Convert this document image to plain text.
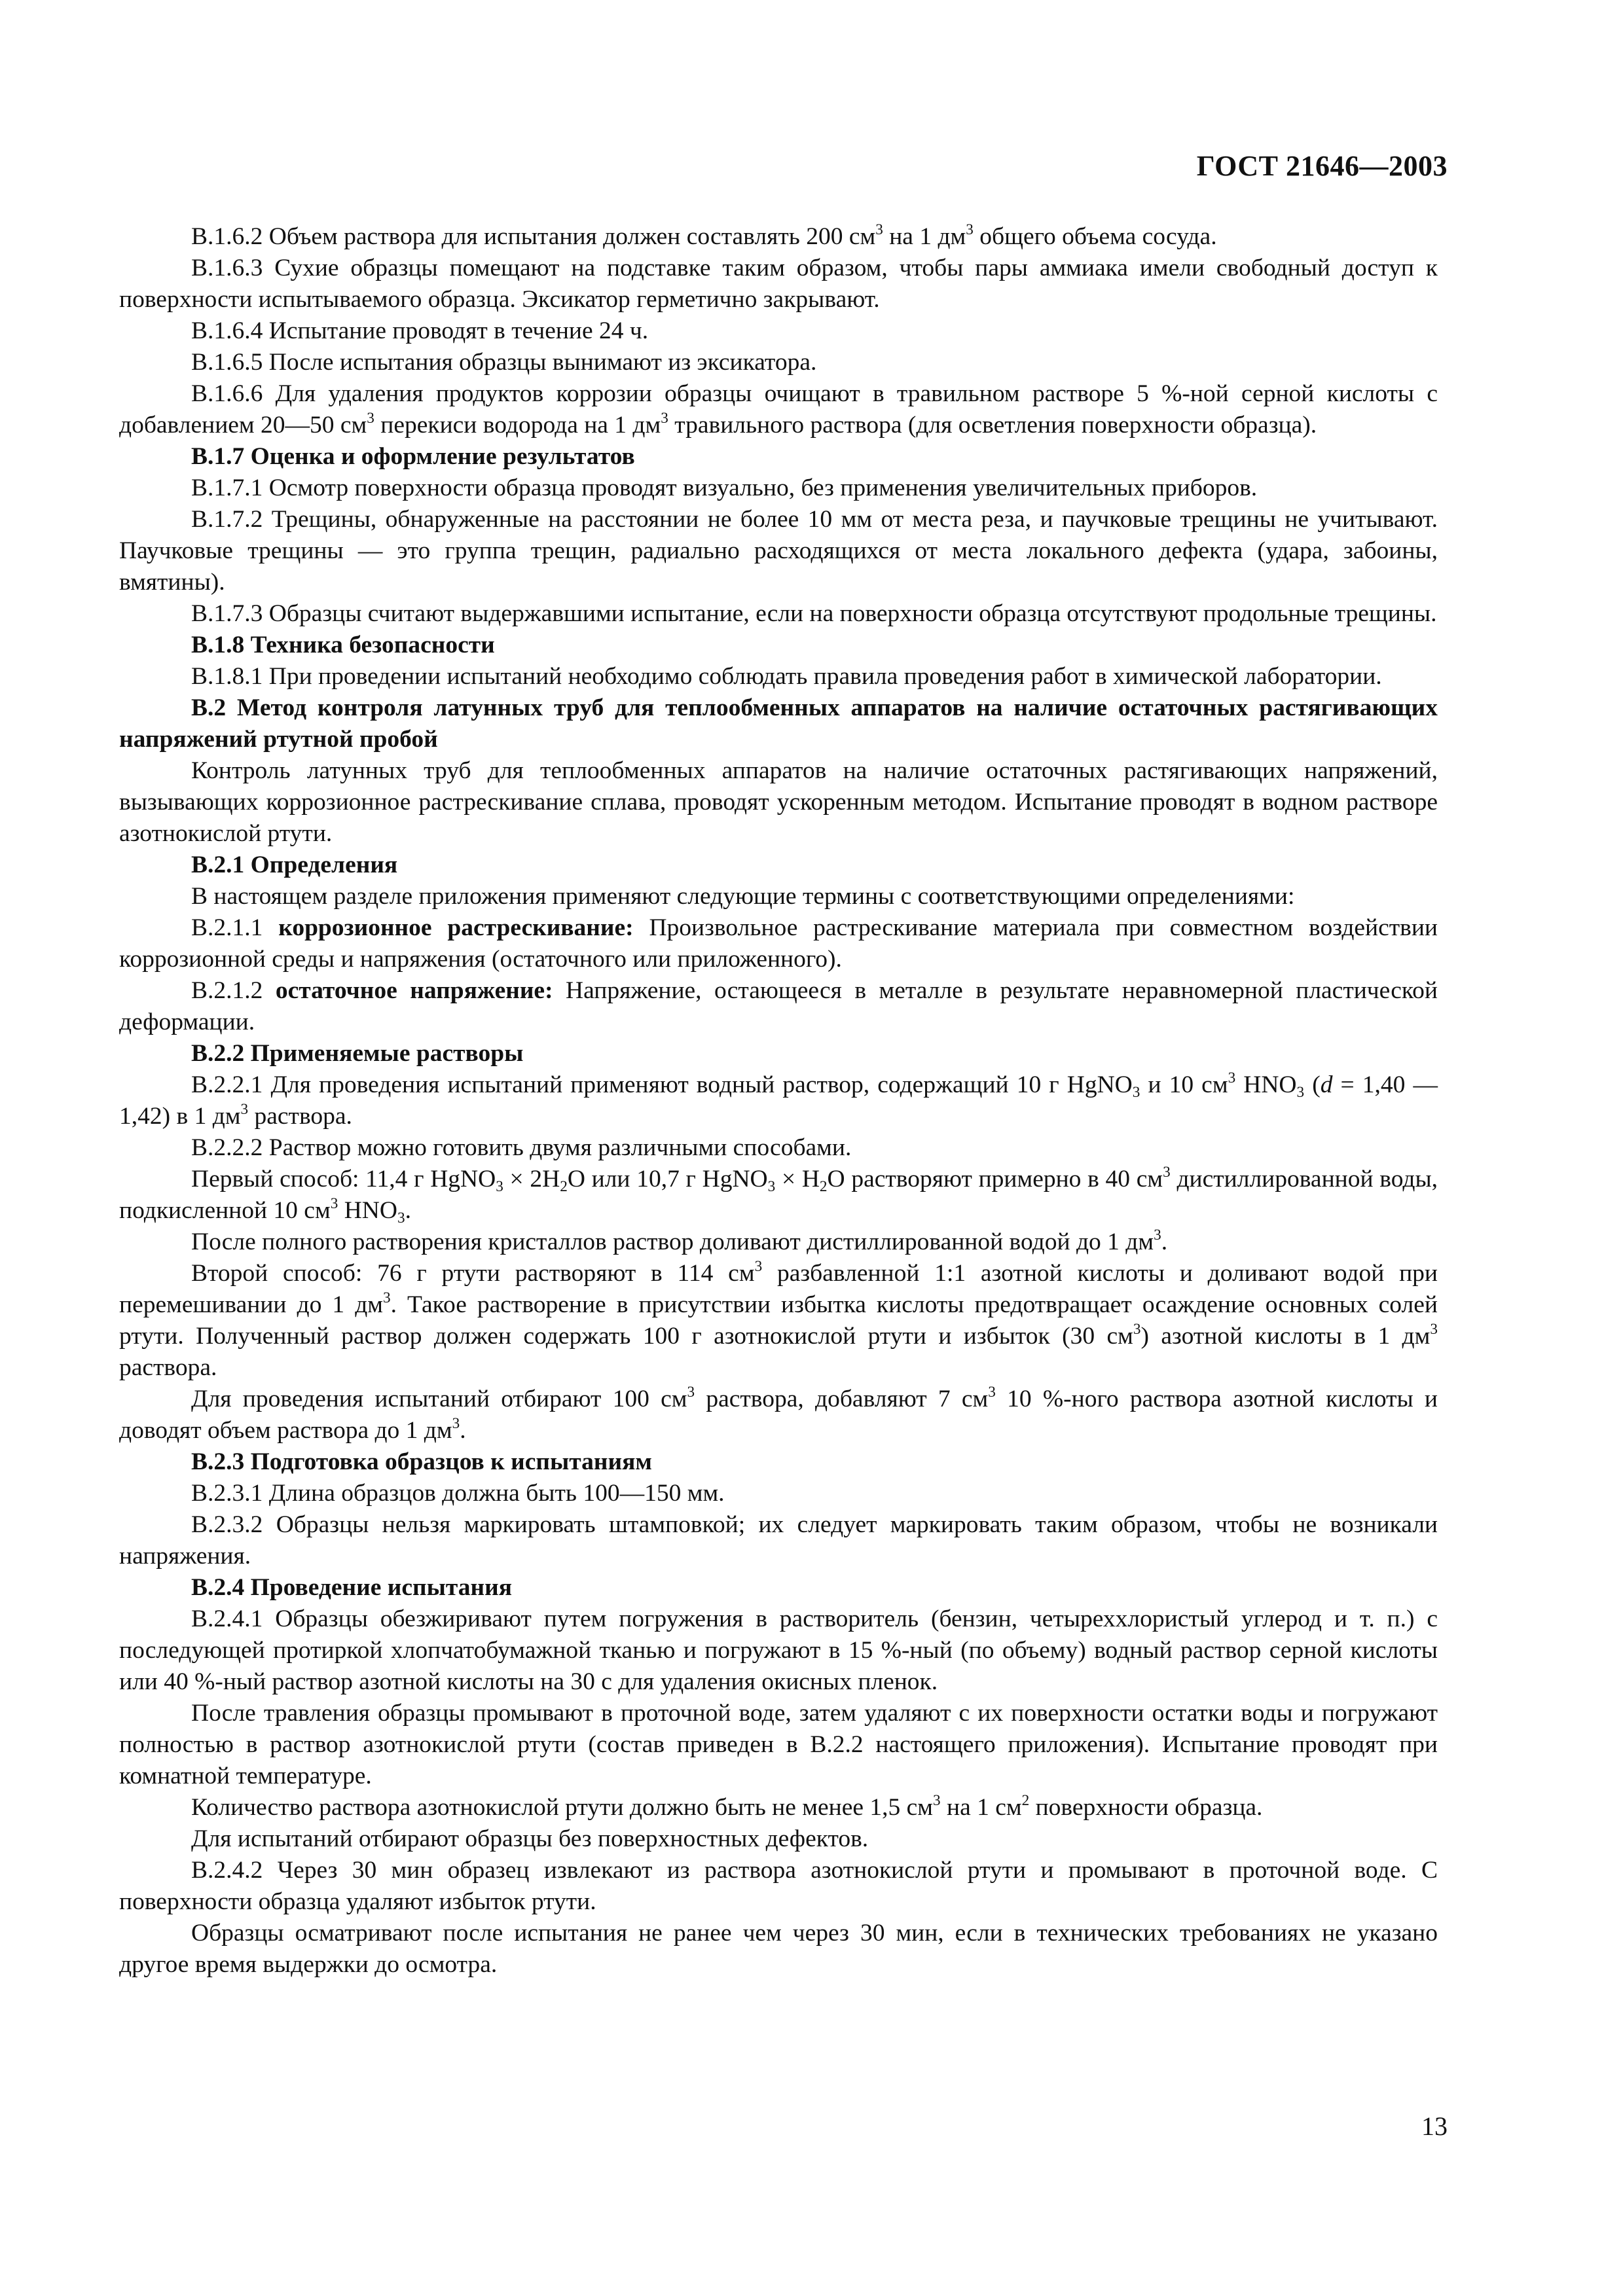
ГОСТ 21646—2003

В.1.6.2 Объем раствора для испытания должен составлять 200 $см^3$ на 1 $дм^3$ общего объема сосуда.

В.1.6.3 Сухие образцы помещают на подставке таким образом, чтобы пары аммиака имели свободный доступ к поверхности испытываемого образца. Эксикатор герметично закрывают.

В.1.6.4 Испытание проводят в течение 24 ч.

В.1.6.5 После испытания образцы вынимают из эксикатора.

В.1.6.6 Для удаления продуктов коррозии образцы очищают в травильном растворе 5 %-ной серной кислоты с добавлением 20—50 $см^3$ перекиси водорода на 1 $дм^3$ травильного раствора (для осветления поверхности образца).

В.1.7 Оценка и оформление результатов

В.1.7.1 Осмотр поверхности образца проводят визуально, без применения увеличительных приборов.

В.1.7.2 Трещины, обнаруженные на расстоянии не более 10 мм от места реза, и паучковые трещины не учитывают. Паучковые трещины — это группа трещин, радиально расходящихся от места локального дефекта (удара, забоины, вмятины).

В.1.7.3 Образцы считают выдержавшими испытание, если на поверхности образца отсутствуют продольные трещины.

В.1.8 Техника безопасности

В.1.8.1 При проведении испытаний необходимо соблюдать правила проведения работ в химической лаборатории.

В.2 Метод контроля латунных труб для теплообменных аппаратов на наличие остаточных растягивающих напряжений ртутной пробой

Контроль латунных труб для теплообменных аппаратов на наличие остаточных растягивающих напряжений, вызывающих коррозионное растрескивание сплава, проводят ускоренным методом. Испытание проводят в водном растворе азотнокислой ртути.

В.2.1 Определения

В настоящем разделе приложения применяют следующие термины с соответствующими определениями:

В.2.1.1 коррозионное растрескивание: Произвольное растрескивание материала при совместном воздействии коррозионной среды и напряжения (остаточного или приложенного).

В.2.1.2 остаточное напряжение: Напряжение, остающееся в металле в результате неравномерной пластической деформации.

В.2.2 Применяемые растворы

В.2.2.1 Для проведения испытаний применяют водный раствор, содержащий 10 г HgNO$_3$ и 10 $см^3$ $HNO_3$ (d = 1,40 — 1,42) в 1 $дм^3$ раствора.

В.2.2.2 Раствор можно готовить двумя различными способами.

Первый способ: 11,4 г HgNO$_3$ × $2H_2O$ или 10,7 г HgNO$_3$ × $H_2O$ растворяют примерно в 40 $см^3$ дистиллированной воды, подкисленной 10 $см^3$ $HNO_3$.

После полного растворения кристаллов раствор доливают дистиллированной водой до 1 $дм^3$.

Второй способ: 76 г ртути растворяют в 114 $см^3$ разбавленной 1:1 азотной кислоты и доливают водой при перемешивании до 1 $дм^3$. Такое растворение в присутствии избытка кислоты предотвращает осаждение основных солей ртути. Полученный раствор должен содержать 100 г азотнокислой ртути и избыток (30 $см^3$) азотной кислоты в 1 $дм^3$ раствора.

Для проведения испытаний отбирают 100 $см^3$ раствора, добавляют 7 $см^3$ 10 %-ного раствора азотной кислоты и доводят объем раствора до 1 $дм^3$.

В.2.3 Подготовка образцов к испытаниям

В.2.3.1 Длина образцов должна быть 100—150 мм.

В.2.3.2 Образцы нельзя маркировать штамповкой; их следует маркировать таким образом, чтобы не возникали напряжения.

В.2.4 Проведение испытания

В.2.4.1 Образцы обезжиривают путем погружения в растворитель (бензин, четыреххлористый углерод и т. п.) с последующей протиркой хлопчатобумажной тканью и погружают в 15 %-ный (по объему) водный раствор серной кислоты или 40 %-ный раствор азотной кислоты на 30 с для удаления окисных пленок.

После травления образцы промывают в проточной воде, затем удаляют с их поверхности остатки воды и погружают полностью в раствор азотнокислой ртути (состав приведен в В.2.2 настоящего приложения). Испытание проводят при комнатной температуре.

Количество раствора азотнокислой ртути должно быть не менее 1,5 $см^3$ на 1 $см^2$ поверхности образца.

Для испытаний отбирают образцы без поверхностных дефектов.

В.2.4.2 Через 30 мин образец извлекают из раствора азотнокислой ртути и промывают в проточной воде. С поверхности образца удаляют избыток ртути.

Образцы осматривают после испытания не ранее чем через 30 мин, если в технических требованиях не указано другое время выдержки до осмотра.

13
